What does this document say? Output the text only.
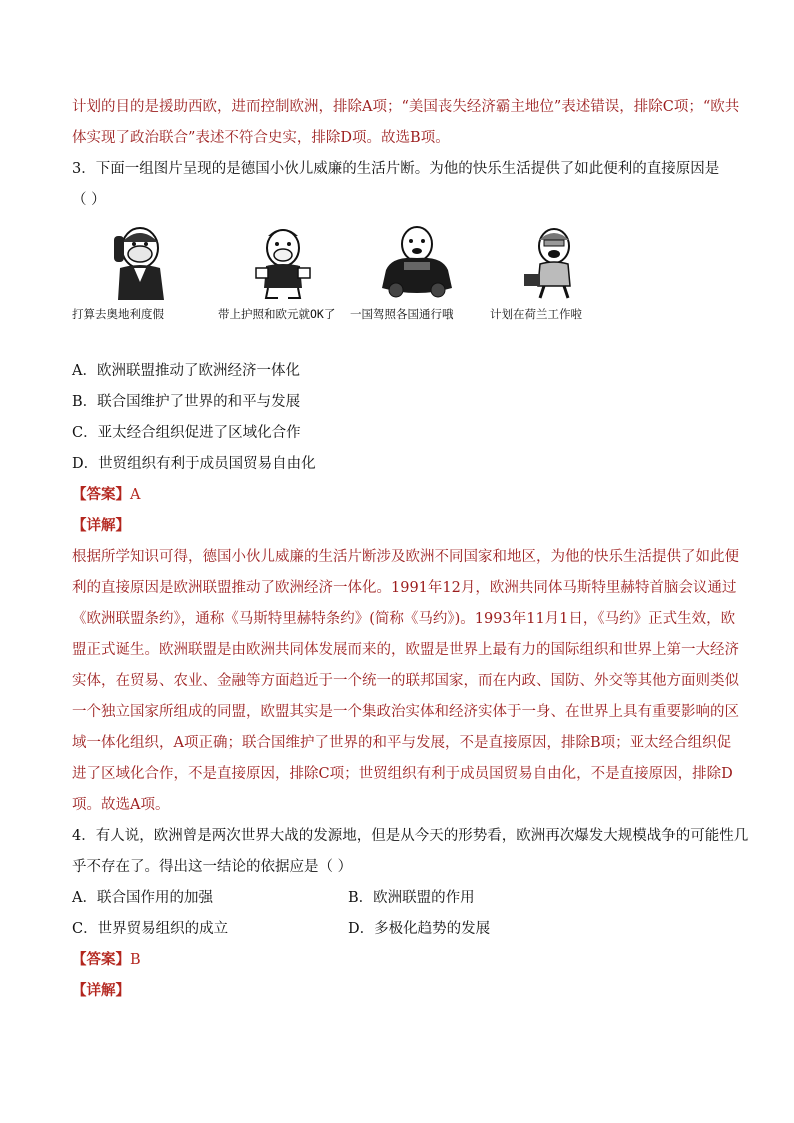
计划的目的是援助西欧，进而控制欧洲，排除A项；“美国丧失经济霸主地位”表述错误，排除C项；“欧共
体实现了政治联合”表述不符合史实，排除D项。故选B项。
3．下面一组图片呈现的是德国小伙儿威廉的生活片断。为他的快乐生活提供了如此便利的直接原因是
（ ）
打算去奥地利度假	带上护照和欧元就OK了	一国驾照各国通行哦	计划在荷兰工作啦
A．欧洲联盟推动了欧洲经济一体化
B．联合国维护了世界的和平与发展
C．亚太经合组织促进了区域化合作
D．世贸组织有利于成员国贸易自由化
【答案】A
【详解】
根据所学知识可得，德国小伙儿威廉的生活片断涉及欧洲不同国家和地区，为他的快乐生活提供了如此便
利的直接原因是欧洲联盟推动了欧洲经济一体化。1991年12月，欧洲共同体马斯特里赫特首脑会议通过
《欧洲联盟条约》，通称《马斯特里赫特条约》(简称《马约》)。1993年11月1日，《马约》正式生效，欧
盟正式诞生。欧洲联盟是由欧洲共同体发展而来的，欧盟是世界上最有力的国际组织和世界上第一大经济
实体，在贸易、农业、金融等方面趋近于一个统一的联邦国家，而在内政、国防、外交等其他方面则类似
一个独立国家所组成的同盟，欧盟其实是一个集政治实体和经济实体于一身、在世界上具有重要影响的区
域一体化组织，A项正确；联合国维护了世界的和平与发展，不是直接原因，排除B项；亚太经合组织促
进了区域化合作，不是直接原因，排除C项；世贸组织有利于成员国贸易自由化，不是直接原因，排除D
项。故选A项。
4．有人说，欧洲曾是两次世界大战的发源地，但是从今天的形势看，欧洲再次爆发大规模战争的可能性几
乎不存在了。得出这一结论的依据应是（ ）
A．联合国作用的加强	B．欧洲联盟的作用
C．世界贸易组织的成立	D．多极化趋势的发展
【答案】B
【详解】
